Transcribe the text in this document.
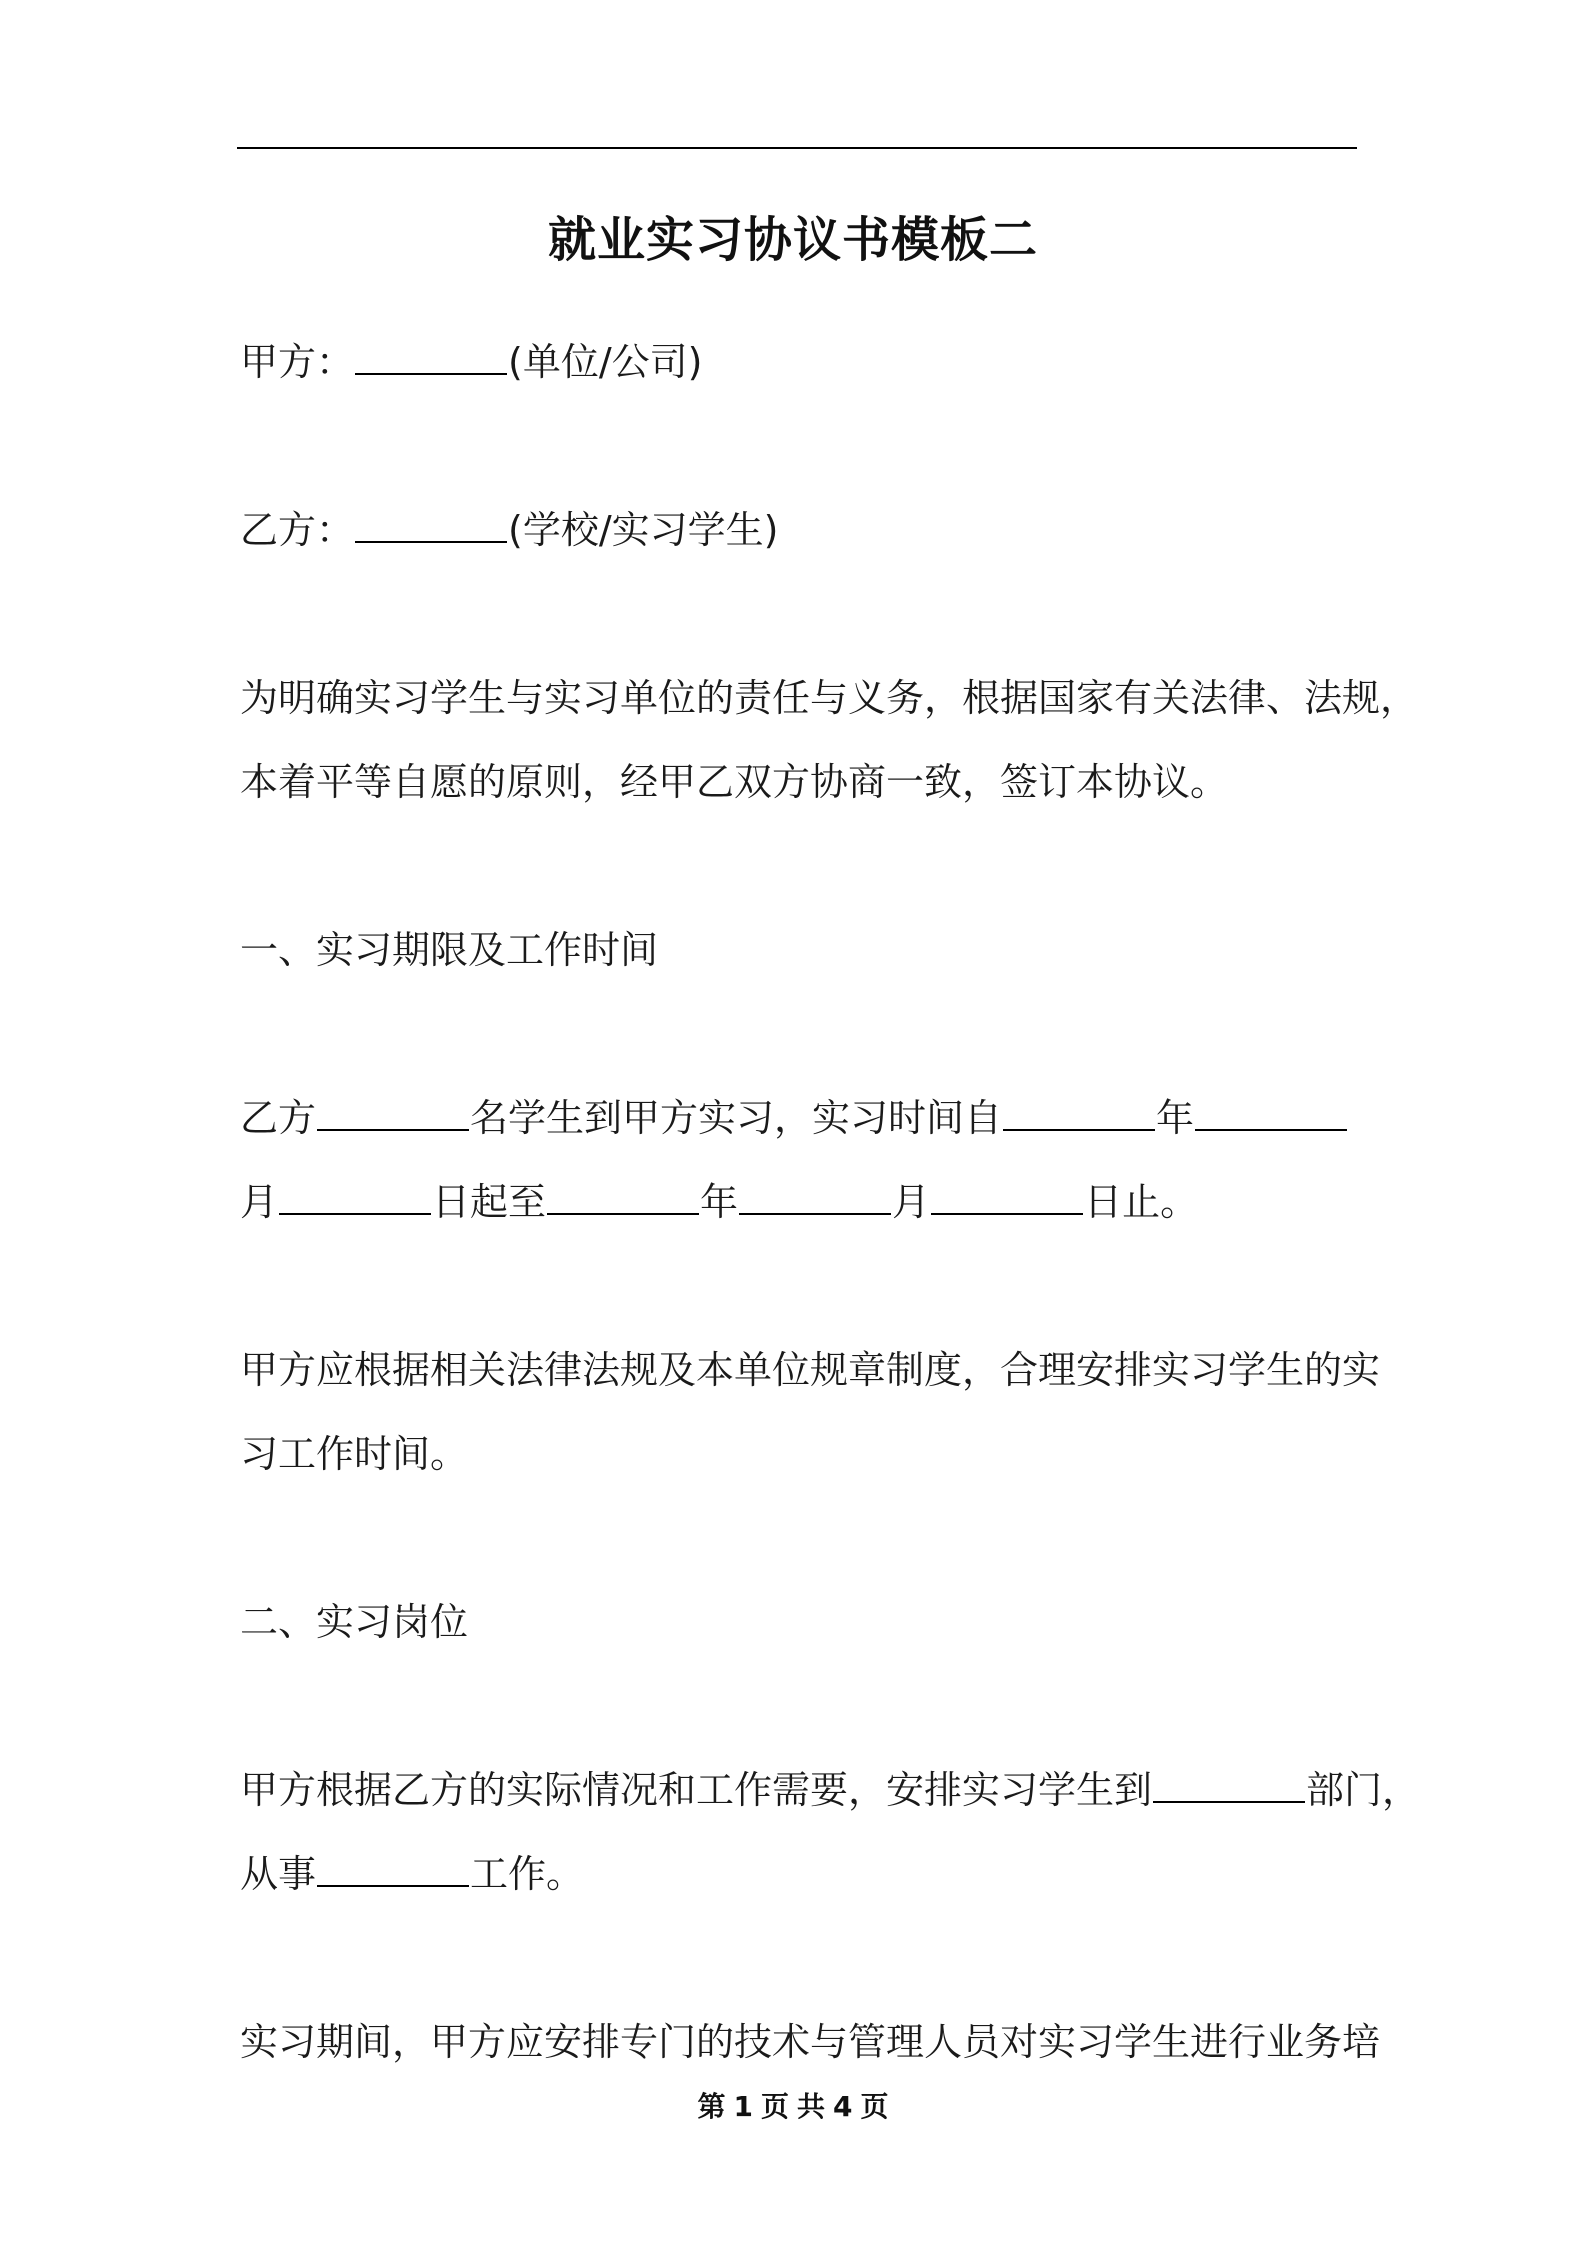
就业实习协议书模板二
甲方：	(单位/公司)
乙方：	(学校/实习学生)
为明确实习学生与实习单位的责任与义务，根据国家有关法律、法规，
本着平等自愿的原则，经甲乙双方协商一致，签订本协议。
一、实习期限及工作时间
乙方	名学生到甲方实习，实习时间自	年
月	日起至	年	月	日止。
甲方应根据相关法律法规及本单位规章制度，合理安排实习学生的实
习工作时间。
二、实习岗位
甲方根据乙方的实际情况和工作需要，安排实习学生到	部门，
从事	工作。
实习期间，甲方应安排专门的技术与管理人员对实习学生进行业务培
第 1 页 共 4 页
